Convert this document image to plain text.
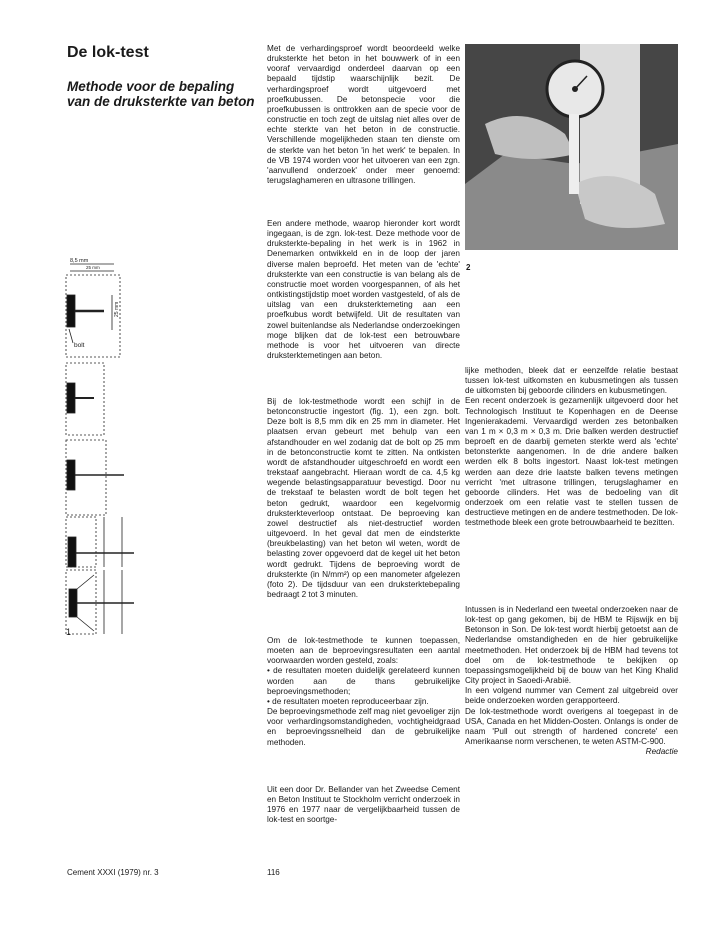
De lok-test
Methode voor de bepaling van de druksterkte van beton
8,5 mm
25 mm
25 mm
bolt
1
2

Met de verhardingsproef wordt beoordeeld welke druksterkte het beton in het bouwwerk of in een vooraf vervaardigd onderdeel daarvan op een bepaald tijdstip waarschijnlijk bezit. De verhardingsproef wordt uitgevoerd met proefkubussen. De betonspecie voor die proefkubussen is onttrokken aan de specie voor de constructie en toch zegt de uitslag niet alles over de echte sterkte van het beton in de constructie. Verschillende mogelijkheden staan ten dienste om de sterkte van het beton 'in het werk' te bepalen. In de VB 1974 worden voor het uitvoeren van een zgn. 'aanvullend onderzoek' onder meer genoemd: terugslaghameren en ultrasone trillingen.

Een andere methode, waarop hieronder kort wordt ingegaan, is de zgn. lok-test. Deze methode voor de druksterkte-bepaling in het werk is in 1962 in Denemarken ontwikkeld en in de loop der jaren diverse malen beproefd. Het meten van de 'echte' druksterkte van een constructie is van belang als de constructie moet worden voorgespannen, of als het ontkistingstijdstip moet worden vastgesteld, of als de uitslag van een druksterktemeting aan een proefkubus wordt betwijfeld. Uit de resultaten van zowel buitenlandse als Nederlandse onderzoekingen moge blijken dat de lok-test een betrouwbare methode is voor het uitvoeren van directe druksterktemetingen aan beton.

Bij de lok-testmethode wordt een schijf in de betonconstructie ingestort (fig. 1), een zgn. bolt. Deze bolt is 8,5 mm dik en 25 mm in diameter. Het plaatsen ervan gebeurt met behulp van een afstandhouder en wel zodanig dat de bolt op 25 mm in de betonconstructie komt te zitten. Na ontkisten wordt de afstandhouder uitgeschroefd en wordt een trekstaaf aangebracht. Hieraan wordt de ca. 4,5 kg wegende belastingsapparatuur bevestigd. Door nu de trekstaaf te belasten wordt de bolt tegen het beton gedrukt, waardoor een kegelvormig druksterkteverloop ontstaat. De beproeving kan zowel destructief als niet-destructief worden uitgevoerd. In het geval dat men de eindsterkte (breukbelasting) van het beton wil weten, wordt de belasting zover opgevoerd dat de kegel uit het beton wordt gedrukt. Tijdens de beproeving wordt de druksterkte (in N/mm²) op een manometer afgelezen (foto 2). De tijdsduur van een druksterktebepaling bedraagt 2 tot 3 minuten.

Om de lok-testmethode te kunnen toepassen, moeten aan de beproevingsresultaten een aantal voorwaarden worden gesteld, zoals:

• de resultaten moeten duidelijk gerelateerd kunnen worden aan de thans gebruikelijke beproevingsmethoden;

• de resultaten moeten reproduceerbaar zijn.

De beproevingsmethode zelf mag niet gevoeliger zijn voor verhardingsomstandigheden, vochtigheidgraad en beproevingssnelheid dan de gebruikelijke methoden.

Uit een door Dr. Bellander van het Zweedse Cement en Beton Instituut te Stockholm verricht onderzoek in 1976 en 1977 naar de vergelijkbaarheid tussen de lok-test en soortge-

lijke methoden, bleek dat er eenzelfde relatie bestaat tussen lok-test uitkomsten en kubusmetingen als tussen de uitkomsten bij geboorde cilinders en kubusmetingen.

Een recent onderzoek is gezamenlijk uitgevoerd door het Technologisch Instituut te Kopenhagen en de Deense Ingenierakademi. Vervaardigd werden zes betonbalken van 1 m × 0,3 m × 0,3 m. Drie balken werden destructief beproeft en de daarbij gemeten sterkte werd als 'echte' betonsterkte aangenomen. In de drie andere balken werden elk 8 bolts ingestort. Naast lok-test metingen werden aan deze drie laatste balken tevens metingen verricht 'met ultrasone trillingen, terugslaghamer en geboorde cilinders. Het was de bedoeling van dit onderzoek om een relatie vast te stellen tussen de destructieve metingen en de andere testmethoden. De lok-testmethode bleek een grote betrouwbaarheid te bezitten.

Intussen is in Nederland een tweetal onderzoeken naar de lok-test op gang gekomen, bij de HBM te Rijswijk en bij Betonson in Son. De lok-test wordt hierbij getoetst aan de Nederlandse omstandigheden en de hier gebruikelijke meetmethoden. Het onderzoek bij de HBM had tevens tot doel om de lok-testmethode te bekijken op toepassingsmogelijkheid bij de bouw van het King Khalid City project in Saoedi-Arabië.

In een volgend nummer van Cement zal uitgebreid over beide onderzoeken worden gerapporteerd.

De lok-testmethode wordt overigens al toegepast in de USA, Canada en het Midden-Oosten. Onlangs is onder de naam 'Pull out strength of hardened concrete' een Amerikaanse norm verschenen, te weten ASTM-C-900.
Redactie

Cement XXXI (1979) nr. 3	116
